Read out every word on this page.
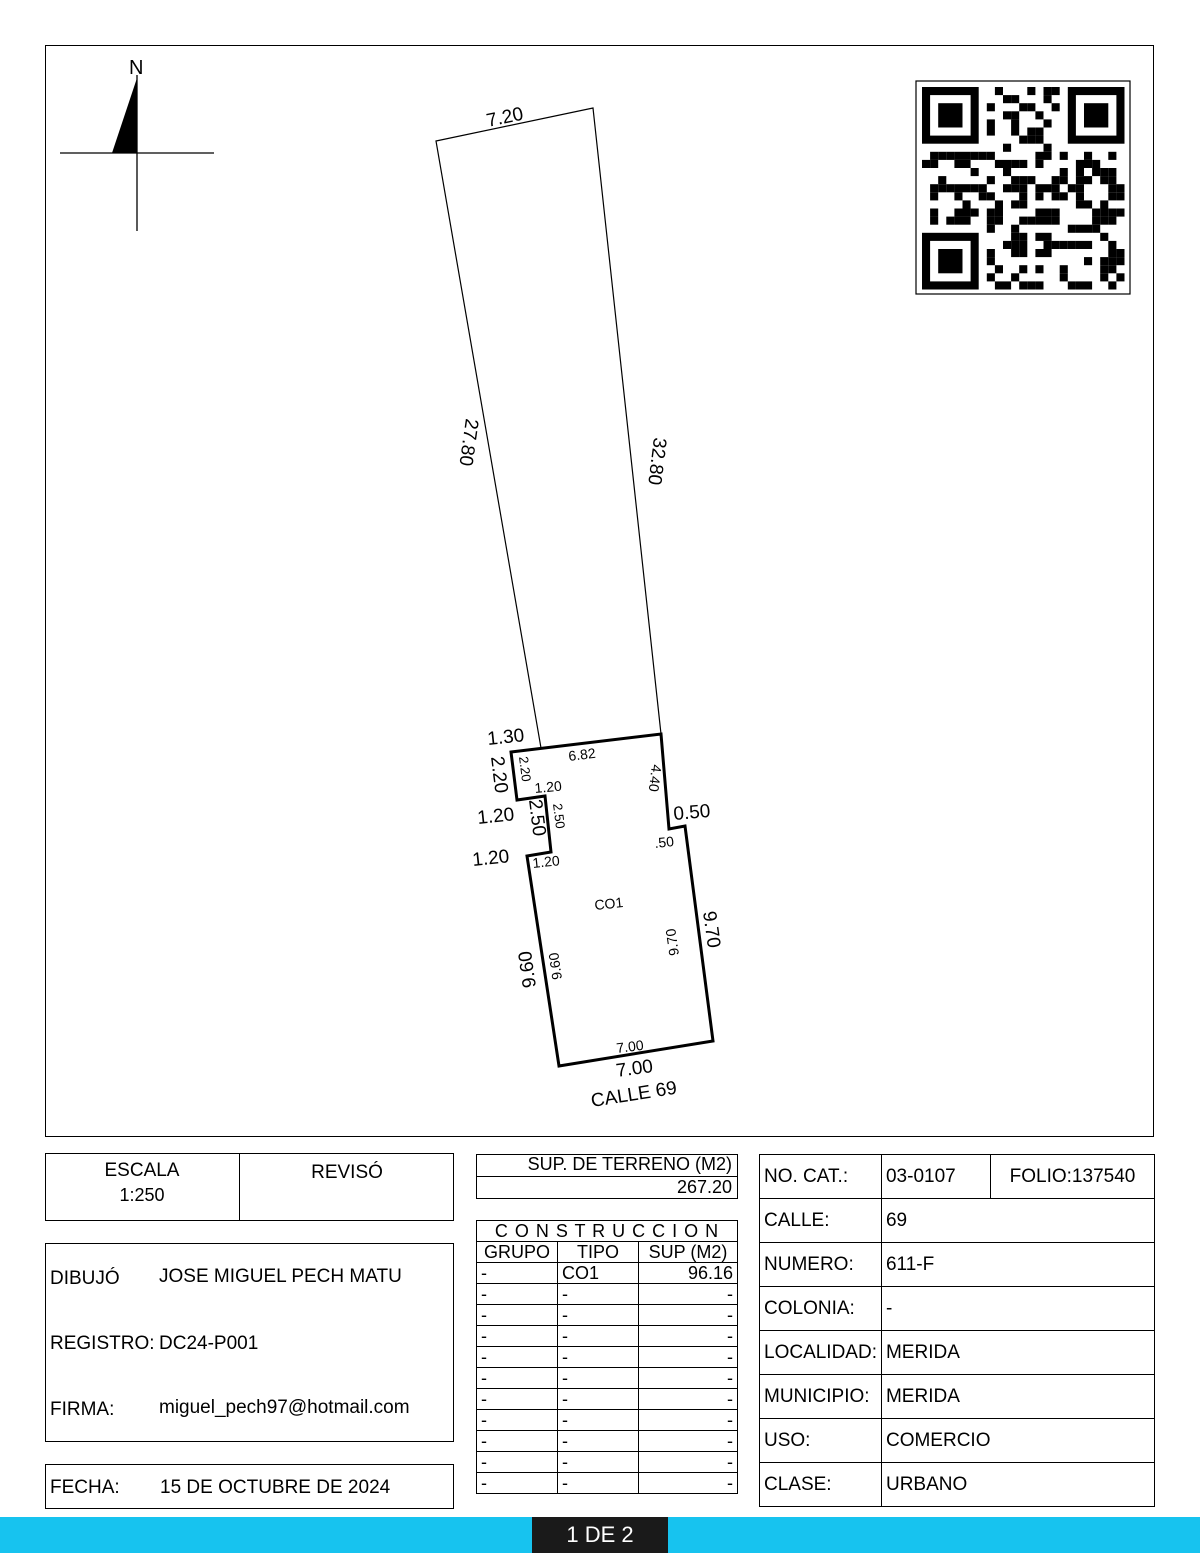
N
7.20
27.80	32.80
1.30
2.20 2.20
6.82
1.20
1.20 2.50 2.50
1.20 1.20
4.40
0.50
.50
CO1
9.60 9.60
9.70 9.70
7.00
7.00
CALLE 69
ESCALA
1:250
REVISÓ
DIBUJÓ JOSE MIGUEL PECH MATU
REGISTRO: DC24-P001
FIRMA: miguel_pech97@hotmail.com
FECHA: 15 DE OCTUBRE DE 2024
SUP. DE TERRENO (M2)
267.20
C O N S T R U C C I O N		
GRUPO	TIPO	SUP (M2)
-	CO1	96.16
-	-	-
-	-	-
-	-	-
-	-	-
-	-	-
-	-	-
-	-	-
-	-	-
-	-	-
-	-	-
NO. CAT.:	03-0107	FOLIO:137540
CALLE:	69	
NUMERO:	611-F	
COLONIA:	-	
LOCALIDAD:	MERIDA	
MUNICIPIO:	MERIDA	
USO:	COMERCIO	
CLASE:	URBANO	
1 DE 2
